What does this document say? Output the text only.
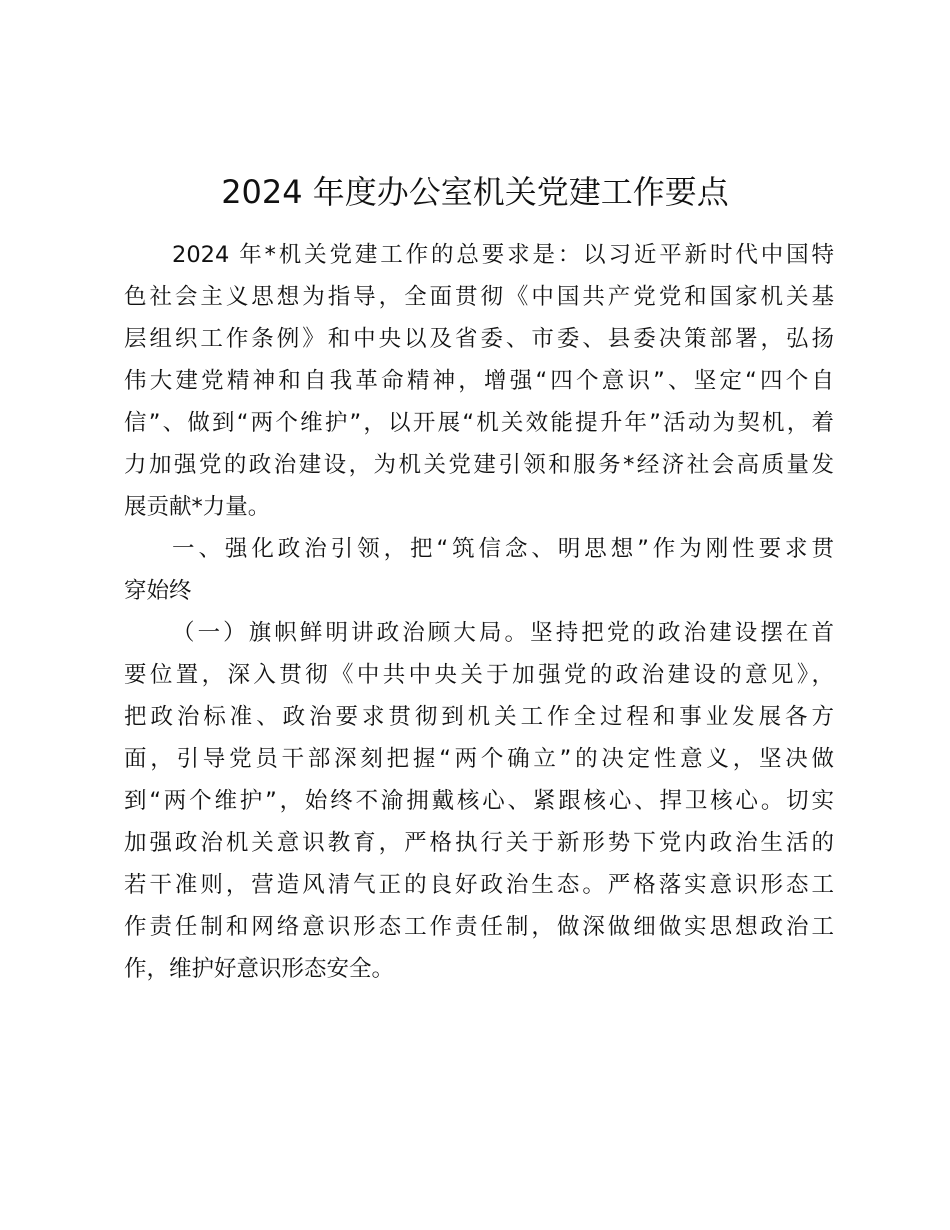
2024 年度办公室机关党建工作要点

2024 年*机关党建工作的总要求是：以习近平新时代中国特
色社会主义思想为指导，全面贯彻《中国共产党党和国家机关基
层组织工作条例》和中央以及省委、市委、县委决策部署，弘扬
伟大建党精神和自我革命精神，增强“四个意识”、坚定“四个自
信”、做到“两个维护”，以开展“机关效能提升年”活动为契机，着
力加强党的政治建设，为机关党建引领和服务*经济社会高质量发
展贡献*力量。

一、强化政治引领，把“筑信念、明思想”作为刚性要求贯
穿始终

（一）旗帜鲜明讲政治顾大局。坚持把党的政治建设摆在首
要位置，深入贯彻《中共中央关于加强党的政治建设的意见》，
把政治标准、政治要求贯彻到机关工作全过程和事业发展各方
面，引导党员干部深刻把握“两个确立”的决定性意义，坚决做
到“两个维护”，始终不渝拥戴核心、紧跟核心、捍卫核心。切实
加强政治机关意识教育，严格执行关于新形势下党内政治生活的
若干准则，营造风清气正的良好政治生态。严格落实意识形态工
作责任制和网络意识形态工作责任制，做深做细做实思想政治工
作，维护好意识形态安全。
